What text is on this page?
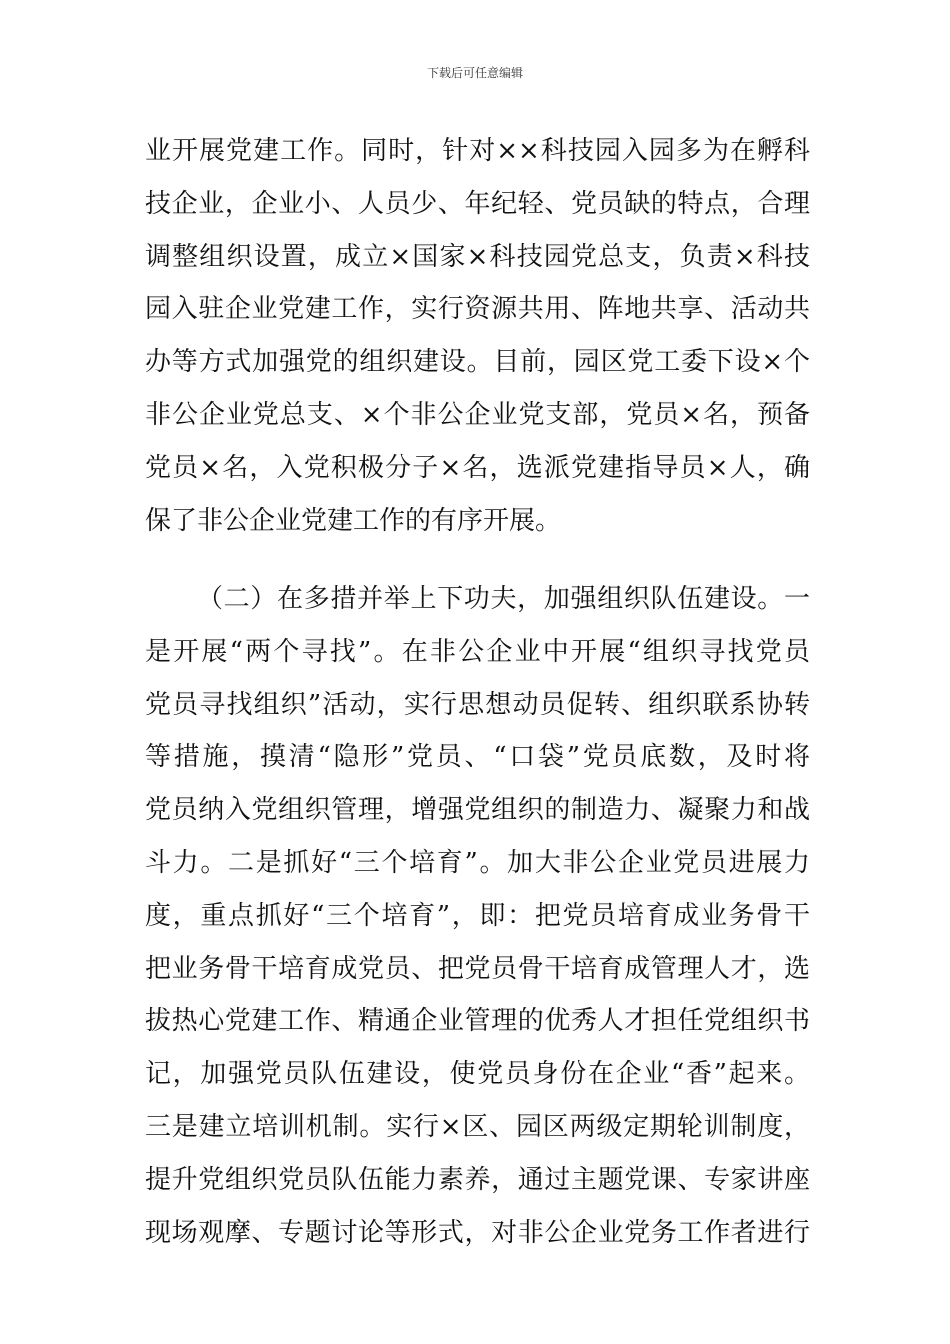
下载后可任意编辑
业开展党建工作。同时，针对××科技园入园多为在孵科
技企业，企业小、人员少、年纪轻、党员缺的特点，合理
调整组织设置，成立×国家×科技园党总支，负责×科技
园入驻企业党建工作，实行资源共用、阵地共享、活动共
办等方式加强党的组织建设。目前，园区党工委下设×个
非公企业党总支、×个非公企业党支部，党员×名，预备
党员×名，入党积极分子×名，选派党建指导员×人，确
保了非公企业党建工作的有序开展。
（二）在多措并举上下功夫，加强组织队伍建设。一
是开展“两个寻找”。在非公企业中开展“组织寻找党员
党员寻找组织”活动，实行思想动员促转、组织联系协转
等措施，摸清“隐形”党员、“口袋”党员底数，及时将
党员纳入党组织管理，增强党组织的制造力、凝聚力和战
斗力。二是抓好“三个培育”。加大非公企业党员进展力
度，重点抓好“三个培育”，即：把党员培育成业务骨干
把业务骨干培育成党员、把党员骨干培育成管理人才，选
拔热心党建工作、精通企业管理的优秀人才担任党组织书
记，加强党员队伍建设，使党员身份在企业“香”起来。
三是建立培训机制。实行×区、园区两级定期轮训制度，
提升党组织党员队伍能力素养，通过主题党课、专家讲座
现场观摩、专题讨论等形式，对非公企业党务工作者进行
